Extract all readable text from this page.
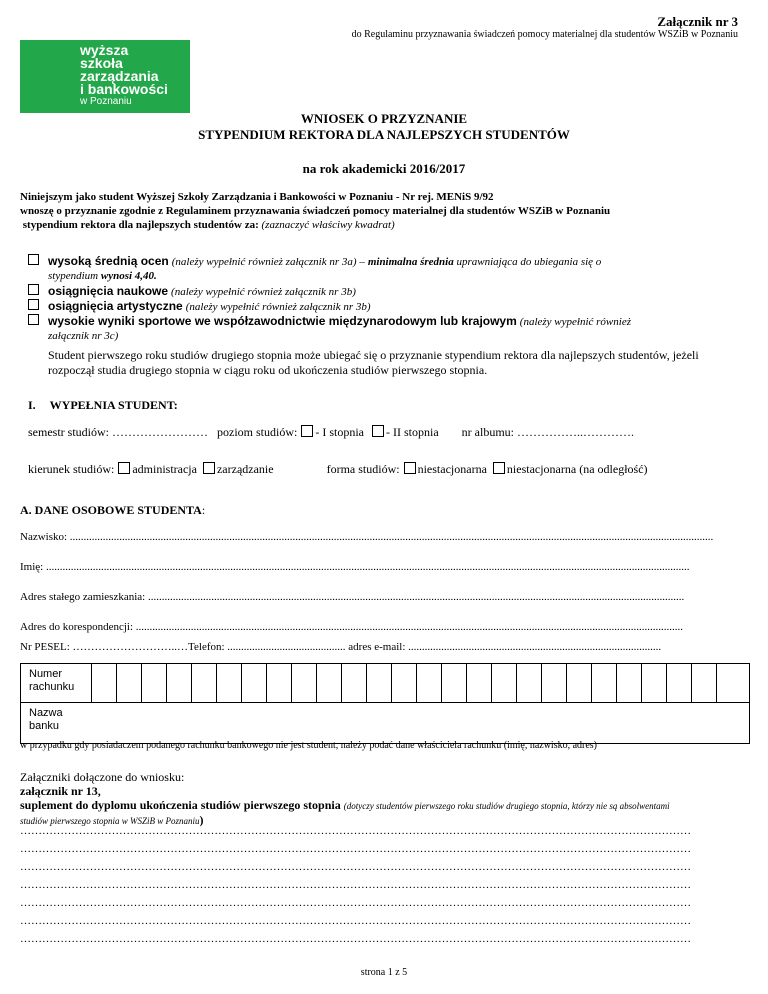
Załącznik nr 3
do Regulaminu przyznawania świadczeń pomocy materialnej dla studentów WSZiB w Poznaniu
wyższa
szkoła
zarządzania
i bankowości
w Poznaniu
WNIOSEK O PRZYZNANIE
STYPENDIUM REKTORA DLA NAJLEPSZYCH STUDENTÓW
na rok akademicki 2016/2017
Niniejszym jako student Wyższej Szkoły Zarządzania i Bankowości w Poznaniu - Nr rej. MENiS 9/92
wnoszę o przyznanie zgodnie z Regulaminem przyznawania świadczeń pomocy materialnej dla studentów WSZiB w Poznaniu
stypendium rektora dla najlepszych studentów za: (zaznaczyć właściwy kwadrat)
wysoką średnią ocen (należy wypełnić również załącznik nr 3a) – minimalna średnia uprawniająca do ubiegania się o
stypendium wynosi 4,40.
osiągnięcia naukowe (należy wypełnić również załącznik nr 3b)
osiągnięcia artystyczne (należy wypełnić również załącznik nr 3b)
wysokie wyniki sportowe we współzawodnictwie międzynarodowym lub krajowym (należy wypełnić również
załącznik nr 3c)
Student pierwszego roku studiów drugiego stopnia może ubiegać się o przyznanie stypendium rektora dla najlepszych studentów, jeżeli rozpoczął studia drugiego stopnia w ciągu roku od ukończenia studiów pierwszego stopnia.
I. WYPEŁNIA STUDENT:
semestr studiów: …………………… poziom studiów: - I stopnia - II stopnia nr albumu: ……………..………….
kierunek studiów: administracja zarządzanie	forma studiów: niestacjonarna niestacjonarna (na odległość)
A. DANE OSOBOWE STUDENTA:
Nazwisko: ..........................................................................................................................................................................................................................................
Imię: ..........................................................................................................................................................................................................................................
Adres stałego zamieszkania: ...................................................................................................................................................................................................
Adres do korespondencji: .......................................................................................................................................................................................................
Nr PESEL: ………………………..…Telefon: ........................................... adres e-mail: ............................................................................................
Numer rachunku
Nazwa banku
w przypadku gdy posiadaczem podanego rachunku bankowego nie jest student, należy podać dane właściciela rachunku (imię, nazwisko, adres)
Załączniki dołączone do wniosku:
załącznik nr 13,
suplement do dyplomu ukończenia studiów pierwszego stopnia (dotyczy studentów pierwszego roku studiów drugiego stopnia, którzy nie są absolwentami
studiów pierwszego stopnia w WSZiB w Poznaniu)
…………………………………………………………………………………………………………………………………………………………………
…………………………………………………………………………………………………………………………………………………………………
…………………………………………………………………………………………………………………………………………………………………
…………………………………………………………………………………………………………………………………………………………………
…………………………………………………………………………………………………………………………………………………………………
…………………………………………………………………………………………………………………………………………………………………
…………………………………………………………………………………………………………………………………………………………………
strona 1 z 5
